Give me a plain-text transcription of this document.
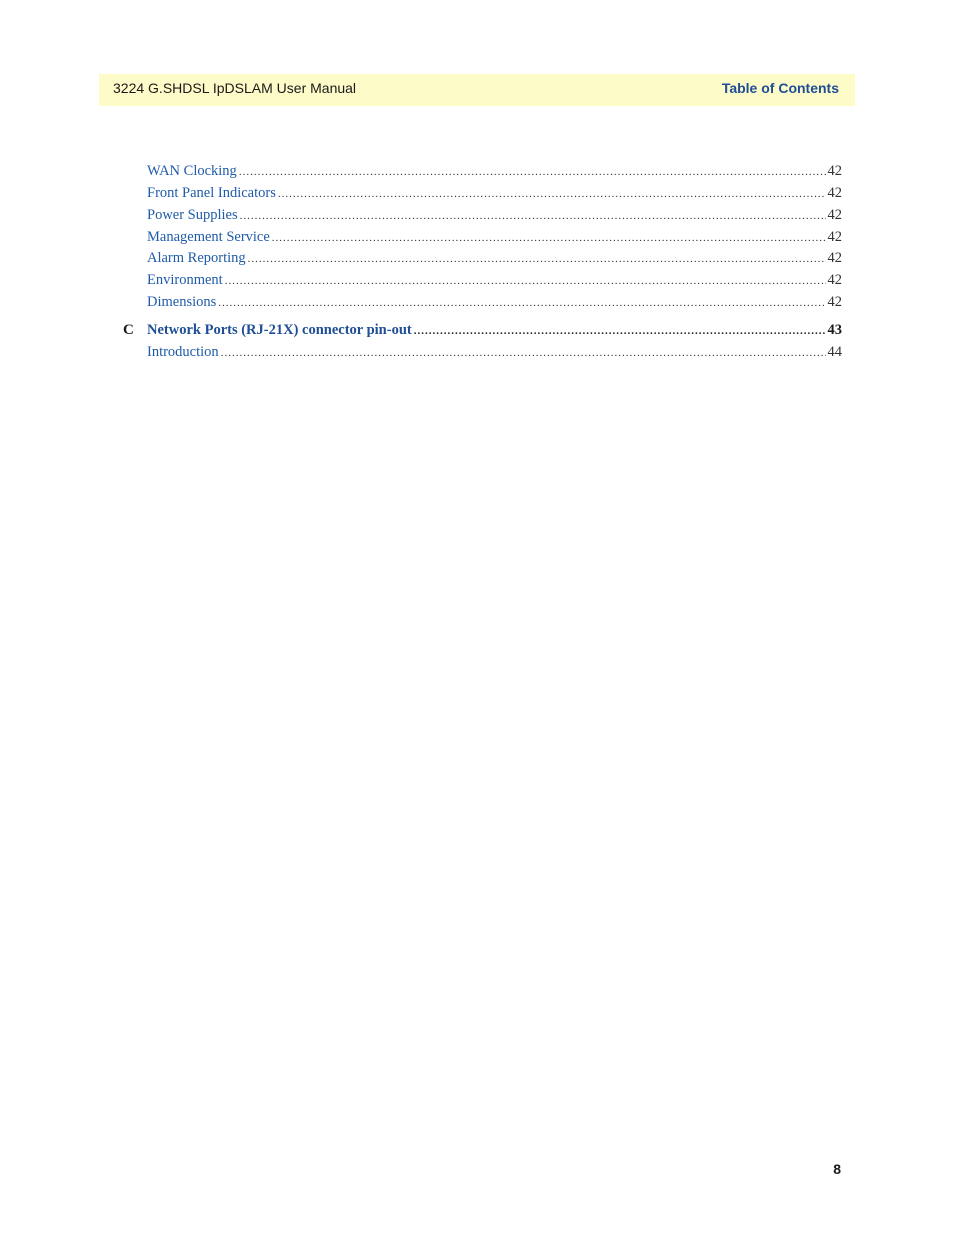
3224 G.SHDSL IpDSLAM User Manual	Table of Contents
WAN Clocking .....	42
Front Panel Indicators .....	42
Power Supplies .....	42
Management Service .....	42
Alarm Reporting .....	42
Environment .....	42
Dimensions .....	42
C Network Ports (RJ-21X) connector pin-out .....	43
Introduction .....	44
8
